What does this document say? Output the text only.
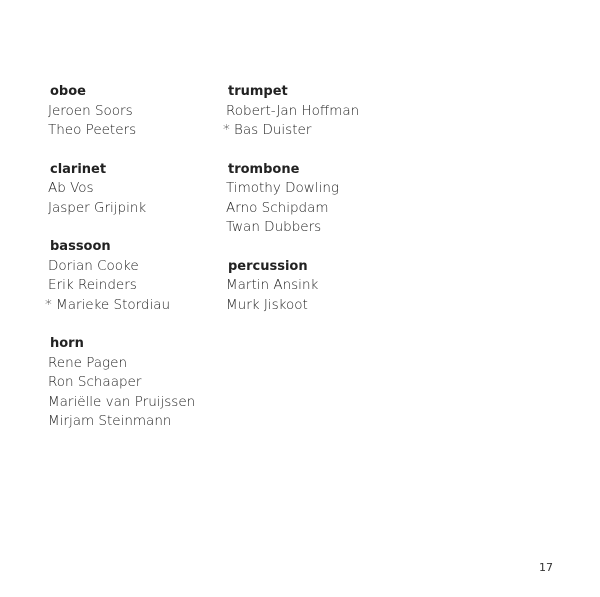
oboe
Jeroen Soors
Theo Peeters
clarinet
Ab Vos
Jasper Grijpink
bassoon
Dorian Cooke
Erik Reinders
* Marieke Stordiau
horn
Rene Pagen
Ron Schaaper
Mariëlle van Pruijssen
Mirjam Steinmann
trumpet
Robert-Jan Hoffman
* Bas Duister
trombone
Timothy Dowling
Arno Schipdam
Twan Dubbers
percussion
Martin Ansink
Murk Jiskoot
17
